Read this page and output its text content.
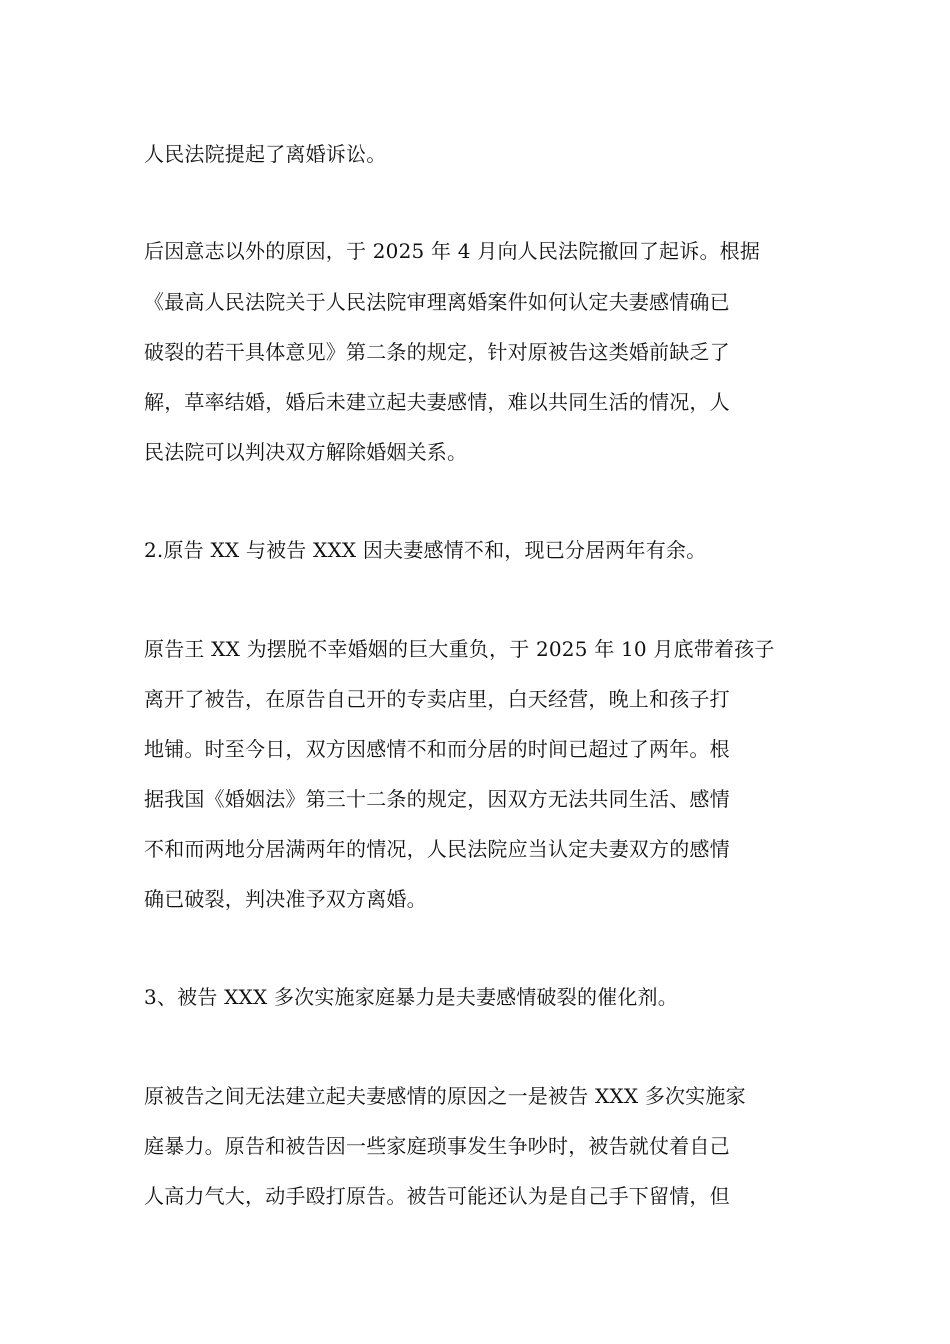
人民法院提起了离婚诉讼。

后因意志以外的原因，于 2025 年 4 月向人民法院撤回了起诉。根据

《最高人民法院关于人民法院审理离婚案件如何认定夫妻感情确已

破裂的若干具体意见》第二条的规定，针对原被告这类婚前缺乏了

解，草率结婚，婚后未建立起夫妻感情，难以共同生活的情况，人

民法院可以判决双方解除婚姻关系。

2.原告 XX 与被告 XXX 因夫妻感情不和，现已分居两年有余。

原告王 XX 为摆脱不幸婚姻的巨大重负，于 2025 年 10 月底带着孩子

离开了被告，在原告自己开的专卖店里，白天经营，晚上和孩子打

地铺。时至今日，双方因感情不和而分居的时间已超过了两年。根

据我国《婚姻法》第三十二条的规定，因双方无法共同生活、感情

不和而两地分居满两年的情况，人民法院应当认定夫妻双方的感情

确已破裂，判决准予双方离婚。

3、被告 XXX 多次实施家庭暴力是夫妻感情破裂的催化剂。

原被告之间无法建立起夫妻感情的原因之一是被告 XXX 多次实施家

庭暴力。原告和被告因一些家庭琐事发生争吵时，被告就仗着自己

人高力气大，动手殴打原告。被告可能还认为是自己手下留情，但
